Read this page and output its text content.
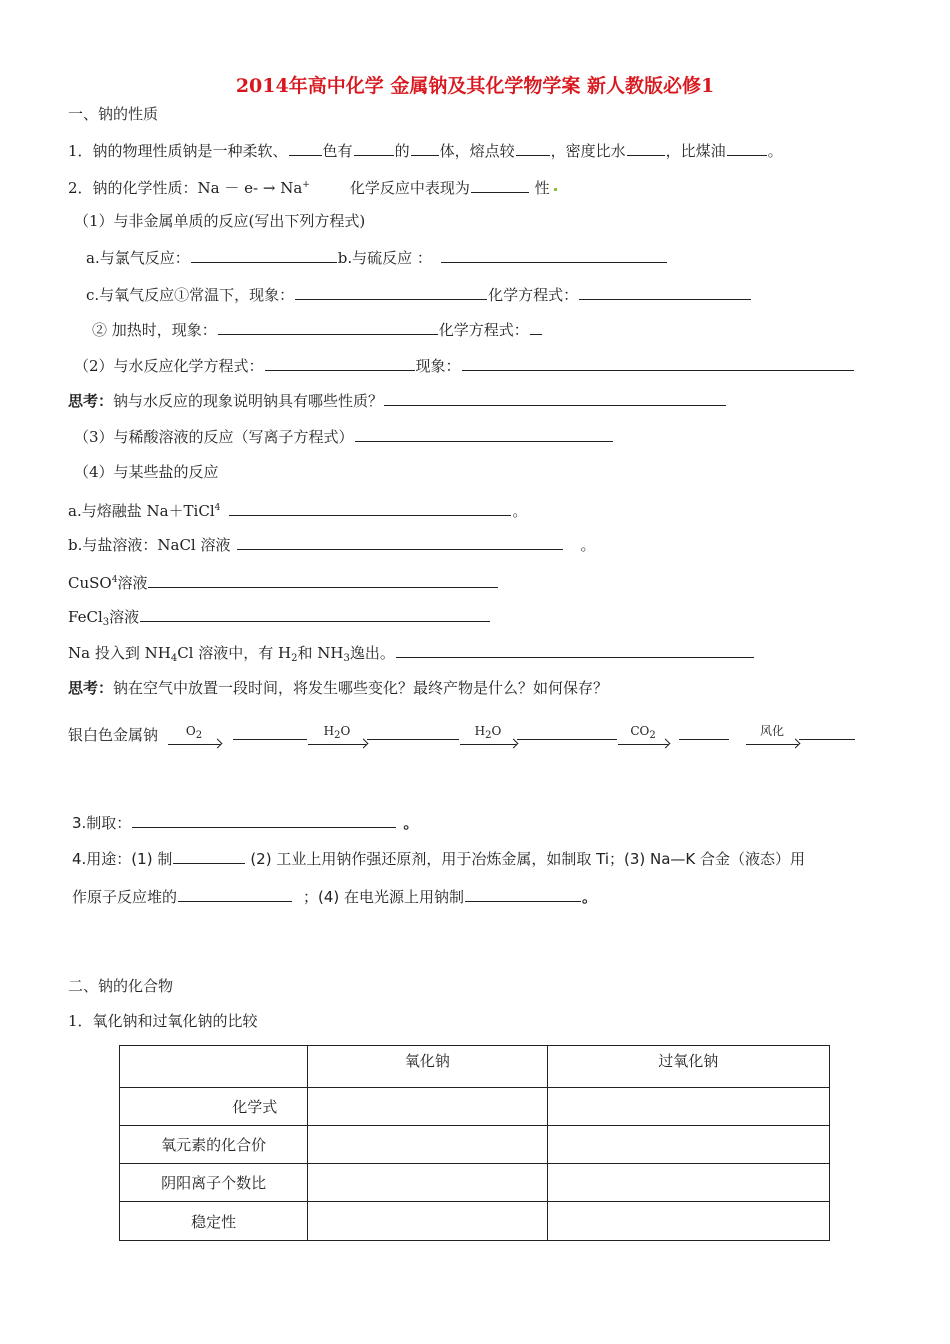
2014年高中化学 金属钠及其化学物学案 新人教版必修1
一、钠的性质
1．钠的物理性质钠是一种柔软、 色有	的 体，熔点较 ，密度比水	，比煤油	。
2．钠的化学性质：Na － e- → Na+	化学反应中表现为	性
（1）与非金属单质的反应(写出下列方程式)
a.与氯气反应：	b.与硫反应 ：
c.与氧气反应①常温下，现象：	化学方程式：
② 加热时，现象：	化学方程式：
（2）与水反应化学方程式：	现象：
思考：钠与水反应的现象说明钠具有哪些性质？
（3）与稀酸溶液的反应（写离子方程式）
（4）与某些盐的反应
a.与熔融盐 Na＋TiCl$^4$	。
b.与盐溶液：NaCl 溶液	。
CuSO$^4$溶液
FeCl$_3$溶液
Na 投入到 $NH_4Cl$ 溶液中，有 $H_2$和 $NH_3$逸出。
思考：钠在空气中放置一段时间，将发生哪些变化？最终产物是什么？如何保存？
银白色金属钠	$O_2$	$H_2O$	$H_2O$	$CO_2$	风化
3.制取：	。
4.用途：(1) 制	(2) 工业上用钠作强还原剂，用于冶炼金属，如制取 Ti；(3) Na—K 合金（液态）用
作原子反应堆的	；(4) 在电光源上用钠制	。
二、钠的化合物
1．氧化钠和过氧化钠的比较
	氧化钠	过氧化钠
化学式		
氧元素的化合价		
阴阳离子个数比		
稳定性		
